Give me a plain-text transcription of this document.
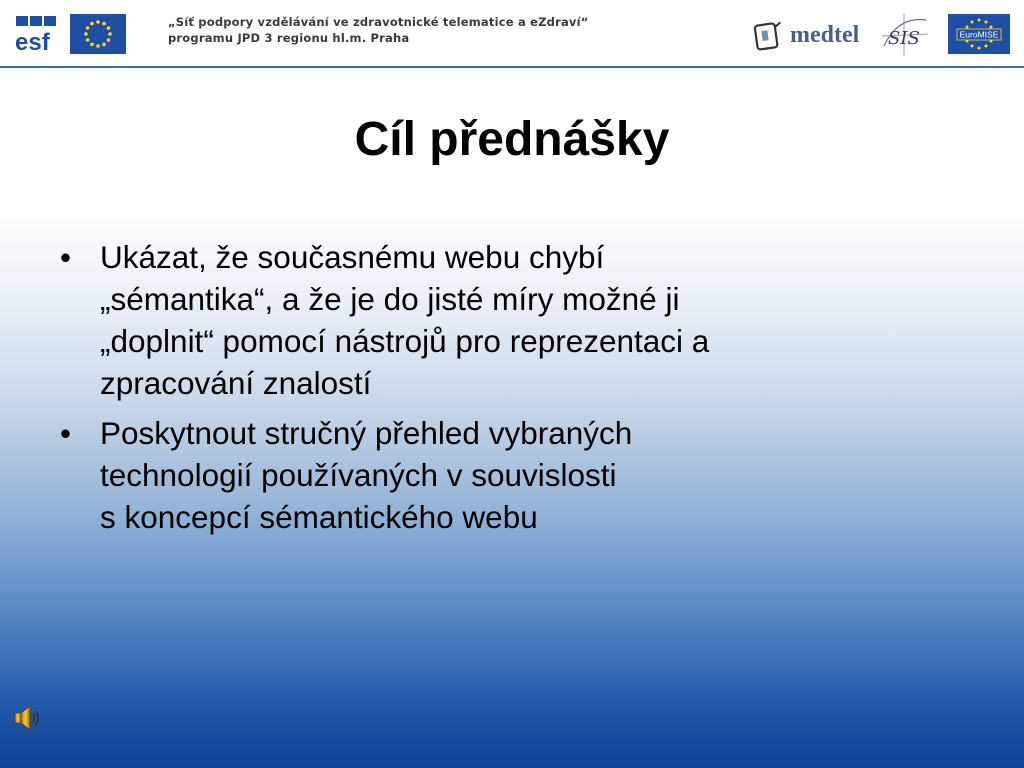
esf
„Síť podpory vzdělávání ve zdravotnické telematice a eZdraví“
programu JPD 3 regionu hl.m. Praha	medtel SIS	EuroMISE
Cíl přednášky
• Ukázat, že současnému webu chybí
„sémantika“, a že je do jisté míry možné ji
„doplnit“ pomocí nástrojů pro reprezentaci a
zpracování znalostí
• Poskytnout stručný přehled vybraných
technologií používaných v souvislosti
s koncepcí sémantického webu
